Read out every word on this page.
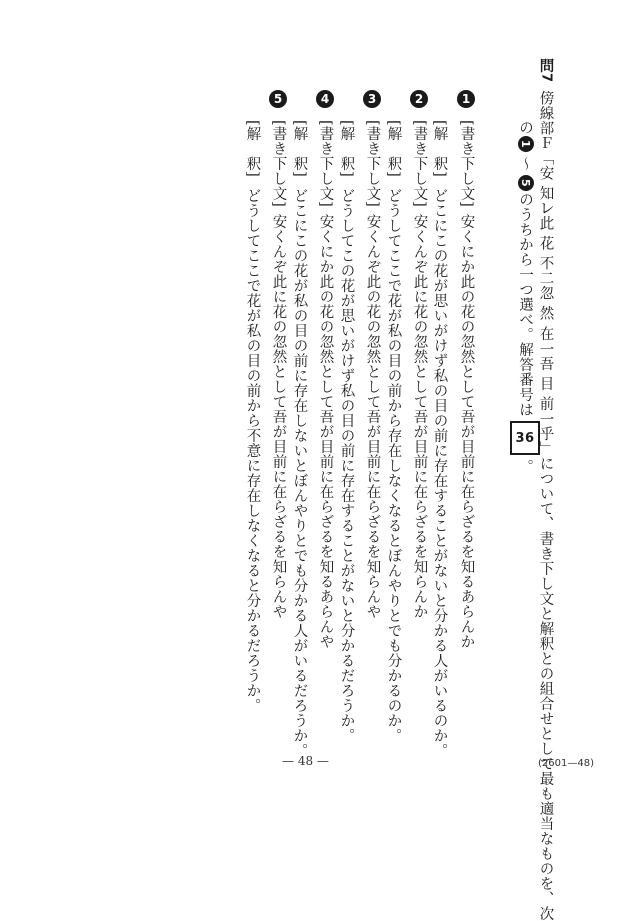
問7傍線部Ｆ「安 知㆑此 花 不㆓忽 然 在㆒吾 目 前㆒乎」について、書き下し文と解釈との組合せとして最も適当なものを、次
の1～5のうちから一つ選べ。解答番号は36。
1
[書き下し文]
安くにか此の花の忽然として吾が目前に在らざるを知るあらんか
[解　釈]
どこにこの花が思いがけず私の目の前に存在することがないと分かる人がいるのか。
2
[書き下し文]
安くんぞ此に花の忽然として吾が目前に在らざるを知らんか
[解　釈]
どうしてここで花が私の目の前から存在しなくなるとぼんやりとでも分かるのか。
3
[書き下し文]
安くんぞ此の花の忽然として吾が目前に在らざるを知らんや
[解　釈]
どうしてこの花が思いがけず私の目の前に存在することがないと分かるだろうか。
4
[書き下し文]
安くにか此の花の忽然として吾が目前に在らざるを知るあらんや
[解　釈]
どこにこの花が私の目の前に存在しないとぼんやりとでも分かる人がいるだろうか。
5
[書き下し文]
安くんぞ此に花の忽然として吾が目前に在らざるを知らんや
[解　釈]
どうしてここで花が私の目の前から不意に存在しなくなると分かるだろうか。
— 48 —	(2601—48)
